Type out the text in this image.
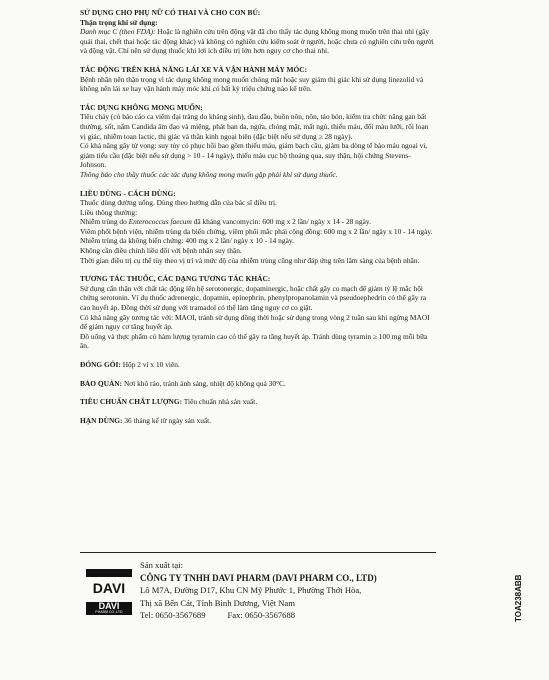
SỬ DỤNG CHO PHỤ NỮ CÓ THAI VÀ CHO CON BÚ:

Thận trọng khi sử dụng:

Danh mục C (theo FDA): Hoặc là nghiên cứu trên động vật đã cho thấy tác dụng không mong muốn trên thai nhi (gây quái thai, chết thai hoặc tác động khác) và không có nghiên cứu kiểm soát ở người, hoặc chưa có nghiên cứu trên người và động vật. Chỉ nên sử dụng thuốc khi lợi ích điều trị lớn hơn nguy cơ cho thai nhi.

TÁC ĐỘNG TRÊN KHẢ NĂNG LÁI XE VÀ VẬN HÀNH MÁY MÓC:

Bệnh nhân nên thận trọng vì tác dụng không mong muốn chóng mặt hoặc suy giảm thị giác khi sử dụng linezolid và không nên lái xe hay vận hành máy móc khi có bất kỳ triệu chứng nào kể trên.

TÁC DỤNG KHÔNG MONG MUỐN:

Tiêu chảy (có báo cáo ca viêm đại tràng do kháng sinh), đau đầu, buồn nôn, nôn, táo bón, kiểm tra chức năng gan bất thường, sốt, nấm Candida âm đạo và miệng, phát ban da, ngứa, chóng mặt, mất ngủ, thiếu máu, đổi màu lưỡi, rối loạn vị giác, nhiễm toan lactic, thị giác và thần kinh ngoại biên (đặc biệt nếu sử dụng ≥ 28 ngày).

Có khả năng gây tử vong: suy tủy có phục hồi bao gồm thiếu máu, giảm bạch cầu, giảm ba dòng tế bào máu ngoại vi, giảm tiểu cầu (đặc biệt nếu sử dụng > 10 - 14 ngày), thiếu máu cục bộ thoáng qua, suy thận, hội chứng Stevens-Johnson.

Thông báo cho thầy thuốc các tác dụng không mong muốn gặp phải khi sử dụng thuốc.

LIỀU DÙNG - CÁCH DÙNG:

Thuốc dùng đường uống. Dùng theo hướng dẫn của bác sĩ điều trị.

Liều thông thường:

Nhiễm trùng do Enterococcus faecum đã kháng vancomycin: 600 mg x 2 lần/ ngày x 14 - 28 ngày.

Viêm phổi bệnh viện, nhiễm trùng da biến chứng, viêm phổi mắc phải cộng đồng: 600 mg x 2 lần/ ngày x 10 - 14 ngày.

Nhiễm trùng da không biến chứng: 400 mg x 2 lần/ ngày x 10 - 14 ngày.

Không cần điều chỉnh liều đối với bệnh nhân suy thận.

Thời gian điều trị cụ thể tùy theo vị trí và mức độ của nhiễm trùng cũng như đáp ứng trên lâm sàng của bệnh nhân.

TƯƠNG TÁC THUỐC, CÁC DẠNG TƯƠNG TÁC KHÁC:

Sử dụng cẩn thận với chất tác động lên hệ serotonergic, dopaminergic, hoặc chất gây co mạch để giảm tỷ lệ mắc hội chứng serotonin. Ví dụ thuốc adrenergic, dopamin, epinephrin, phenylpropanolamin và pseudoephedrin có thể gây ra cao huyết áp. Đồng thời sử dụng với tramadol có thể làm tăng nguy cơ co giật.

Có khả năng gây tương tác với: MAOI, tránh sử dụng đồng thời hoặc sử dụng trong vòng 2 tuần sau khi ngừng MAOI để giảm nguy cơ tăng huyết áp.

Đồ uống và thực phẩm có hàm lượng tyramin cao có thể gây ra tăng huyết áp. Tránh dùng tyramin ≥ 100 mg mỗi bữa ăn.

ĐÓNG GÓI: Hộp 2 vỉ x 10 viên.

BẢO QUẢN: Nơi khô ráo, tránh ánh sáng, nhiệt độ không quá 30°C.

TIÊU CHUẨN CHẤT LƯỢNG: Tiêu chuẩn nhà sản xuất.

HẠN DÙNG: 36 tháng kể từ ngày sản xuất.

DAVI
DAVI
PHARM CO.,LTD
Sản xuất tại:
CÔNG TY TNHH DAVI PHARM (DAVI PHARM CO., LTD)
Lô M7A, Đường D17, Khu CN Mỹ Phước 1, Phường Thới Hòa,
Thị xã Bến Cát, Tỉnh Bình Dương, Việt Nam
Tel: 0650-3567689	Fax: 0650-3567688	TOA238ABB
